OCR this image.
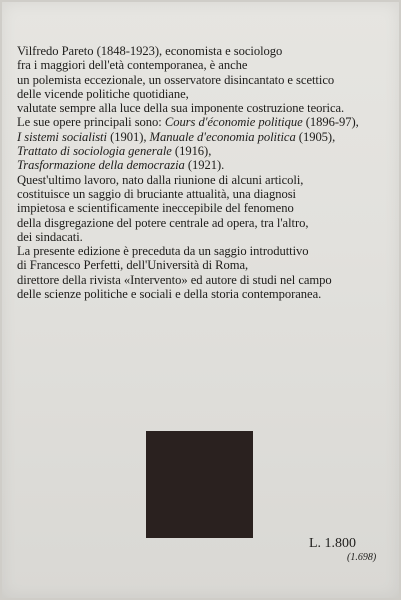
Vilfredo Pareto (1848-1923), economista e sociologo
fra i maggiori dell'età contemporanea, è anche
un polemista eccezionale, un osservatore disincantato e scettico
delle vicende politiche quotidiane,
valutate sempre alla luce della sua imponente costruzione teorica.
Le sue opere principali sono: Cours d'économie politique (1896-97),
I sistemi socialisti (1901), Manuale d'economia politica (1905),
Trattato di sociologia generale (1916),
Trasformazione della democrazia (1921).
Quest'ultimo lavoro, nato dalla riunione di alcuni articoli,
costituisce un saggio di bruciante attualità, una diagnosi
impietosa e scientificamente ineccepibile del fenomeno
della disgregazione del potere centrale ad opera, tra l'altro,
dei sindacati.
La presente edizione è preceduta da un saggio introduttivo
di Francesco Perfetti, dell'Università di Roma,
direttore della rivista «Intervento» ed autore di studi nel campo
delle scienze politiche e sociali e della storia contemporanea.
L. 1.800
(1.698)
